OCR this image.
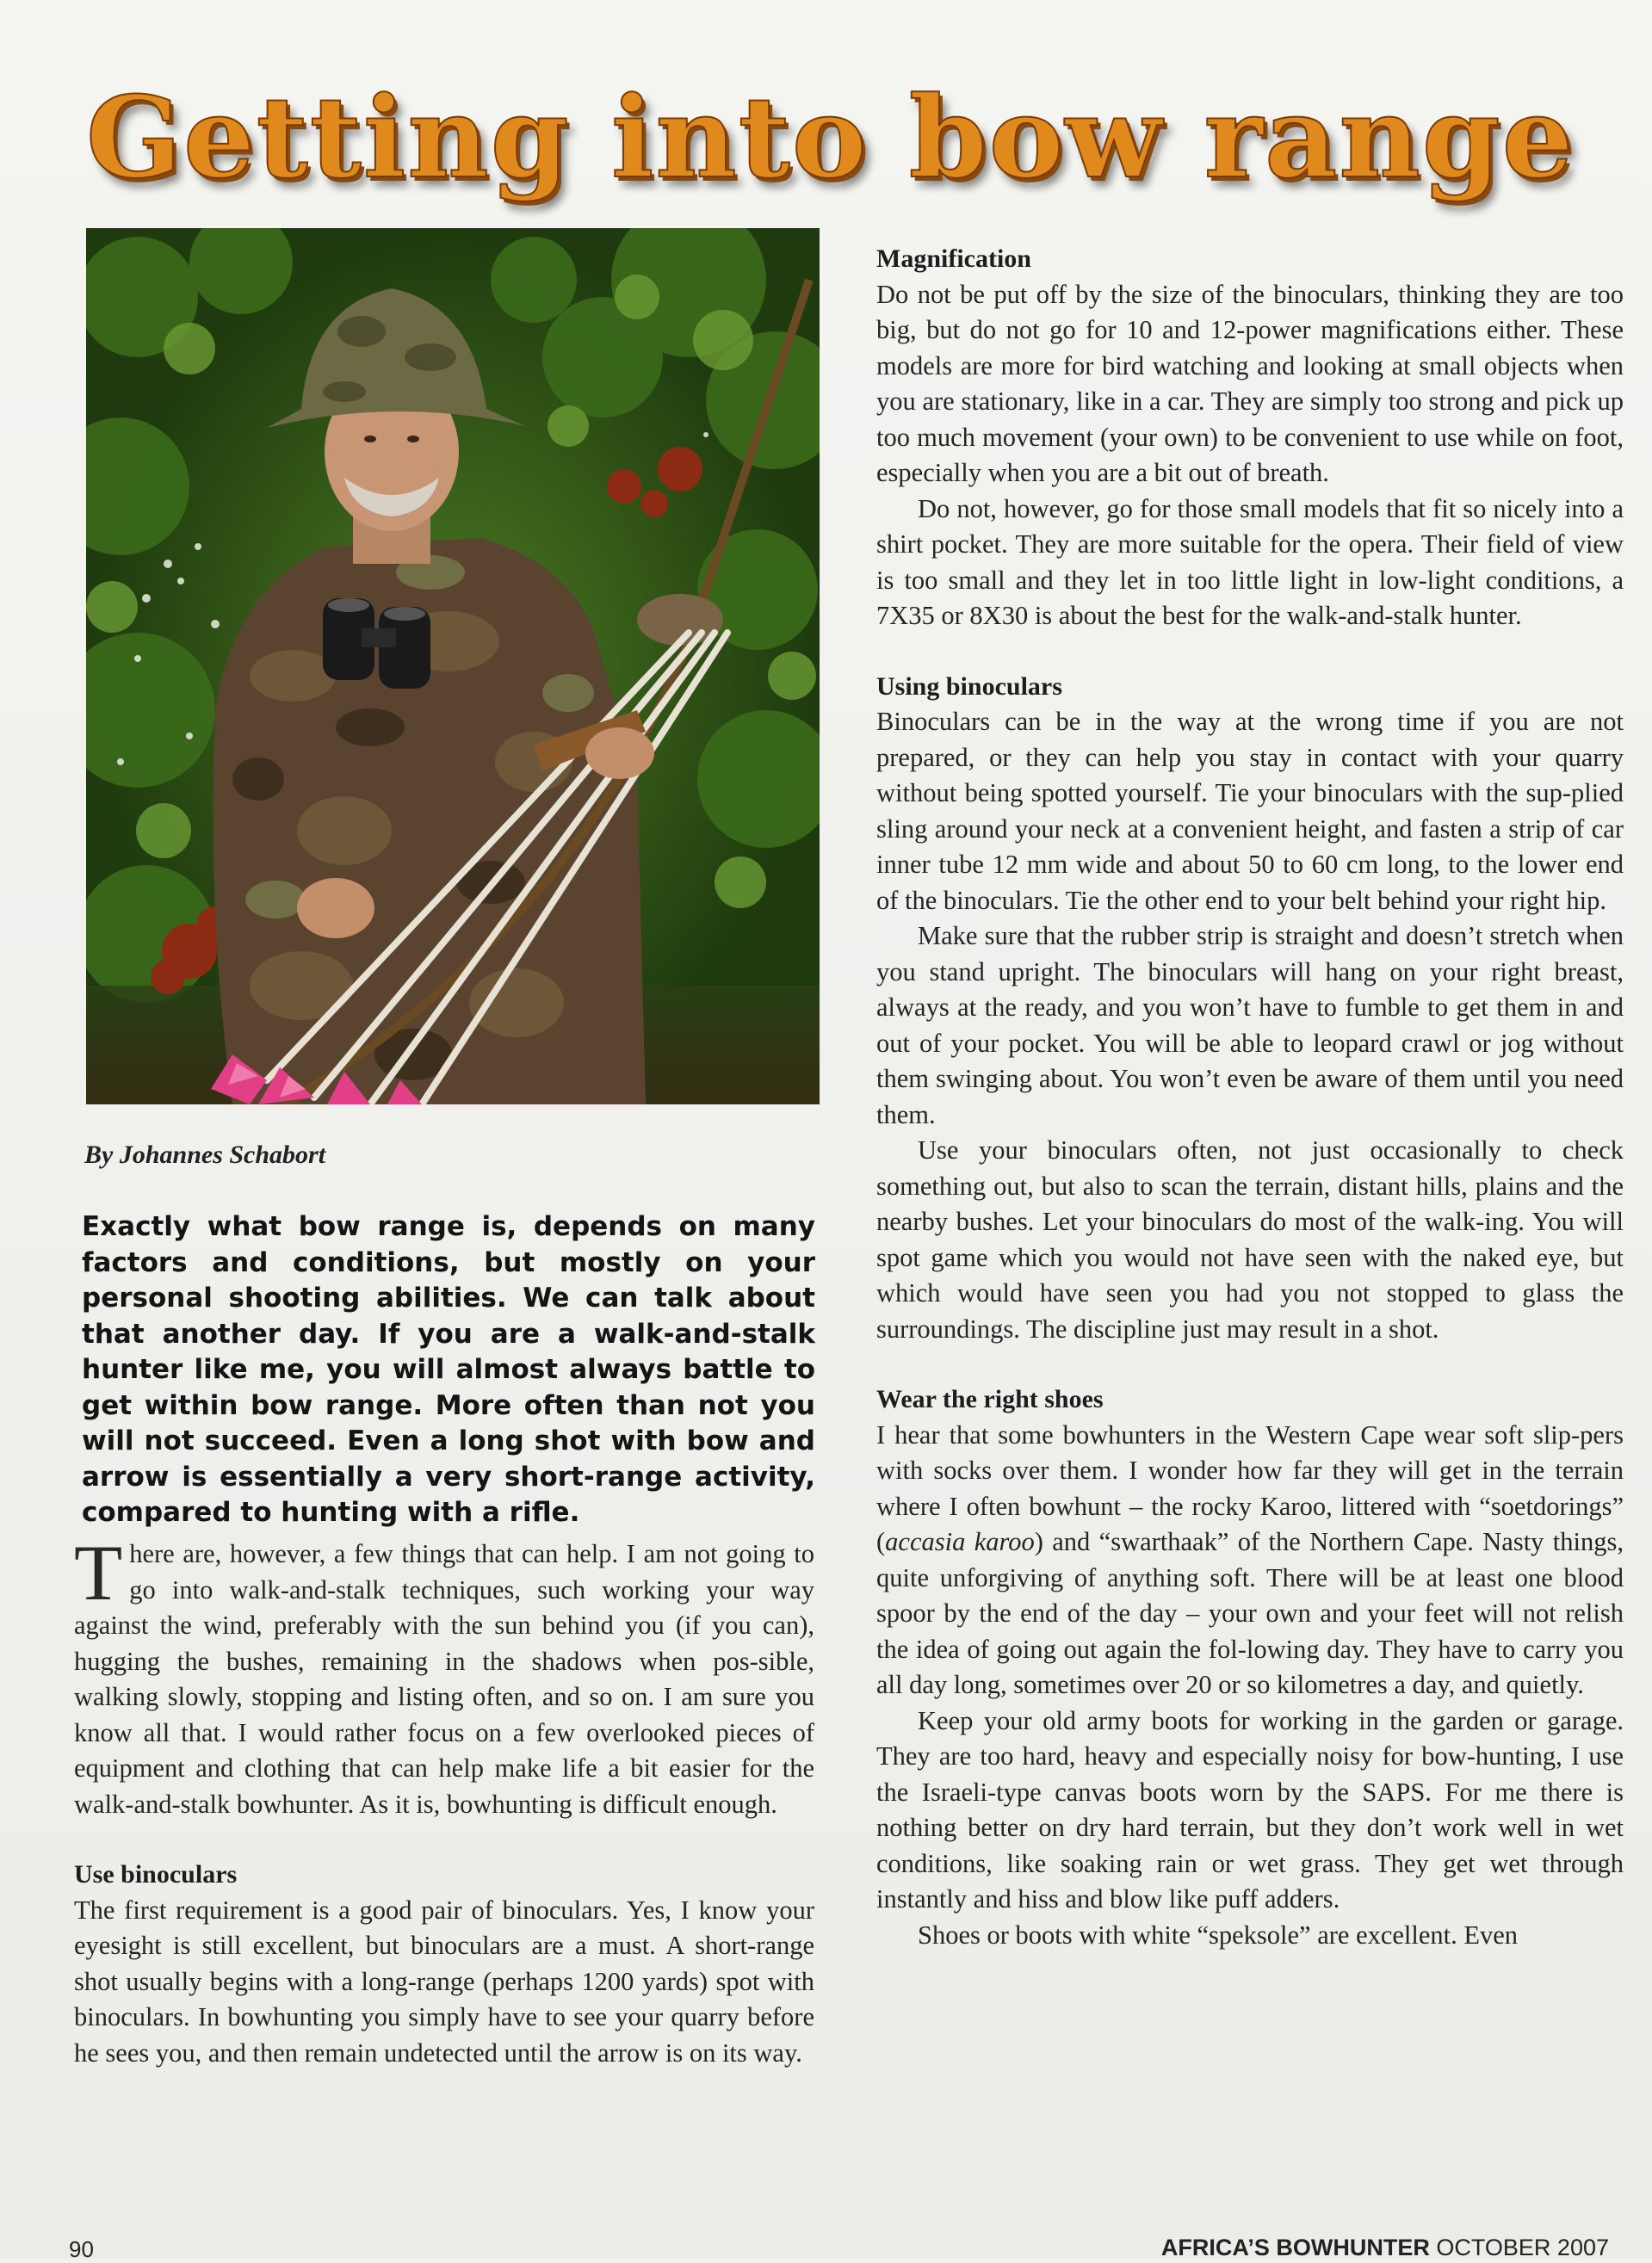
Getting into bow range
By Johannes Schabort
Exactly what bow range is, depends on many factors and conditions, but mostly on your personal shooting abilities. We can talk about that another day. If you are a walk-and-stalk hunter like me, you will almost always battle to get within bow range. More often than not you will not succeed. Even a long shot with bow and arrow is essentially a very short-range activity, compared to hunting with a rifle.

There are, however, a few things that can help. I am not going to go into walk-and-stalk techniques, such working your way against the wind, preferably with the sun behind you (if you can), hugging the bushes, remaining in the shadows when pos-sible, walking slowly, stopping and listing often, and so on. I am sure you know all that. I would rather focus on a few overlooked pieces of equipment and clothing that can help make life a bit easier for the walk-and-stalk bowhunter. As it is, bowhunting is difficult enough.

Use binoculars

The first requirement is a good pair of binoculars. Yes, I know your eyesight is still excellent, but binoculars are a must. A short-range shot usually begins with a long-range (perhaps 1200 yards) spot with binoculars. In bowhunting you simply have to see your quarry before he sees you, and then remain undetected until the arrow is on its way.

Magnification

Do not be put off by the size of the binoculars, thinking they are too big, but do not go for 10 and 12-power magnifications either. These models are more for bird watching and looking at small objects when you are stationary, like in a car. They are simply too strong and pick up too much movement (your own) to be convenient to use while on foot, especially when you are a bit out of breath.

Do not, however, go for those small models that fit so nicely into a shirt pocket. They are more suitable for the opera. Their field of view is too small and they let in too little light in low-light conditions, a 7X35 or 8X30 is about the best for the walk-and-stalk hunter.

Using binoculars

Binoculars can be in the way at the wrong time if you are not prepared, or they can help you stay in contact with your quarry without being spotted yourself. Tie your binoculars with the sup-plied sling around your neck at a convenient height, and fasten a strip of car inner tube 12 mm wide and about 50 to 60 cm long, to the lower end of the binoculars. Tie the other end to your belt behind your right hip.

Make sure that the rubber strip is straight and doesn’t stretch when you stand upright. The binoculars will hang on your right breast, always at the ready, and you won’t have to fumble to get them in and out of your pocket. You will be able to leopard crawl or jog without them swinging about. You won’t even be aware of them until you need them.

Use your binoculars often, not just occasionally to check something out, but also to scan the terrain, distant hills, plains and the nearby bushes. Let your binoculars do most of the walk-ing. You will spot game which you would not have seen with the naked eye, but which would have seen you had you not stopped to glass the surroundings. The discipline just may result in a shot.

Wear the right shoes

I hear that some bowhunters in the Western Cape wear soft slip-pers with socks over them. I wonder how far they will get in the terrain where I often bowhunt – the rocky Karoo, littered with “soetdorings” (accasia karoo) and “swarthaak” of the Northern Cape. Nasty things, quite unforgiving of anything soft. There will be at least one blood spoor by the end of the day – your own and your feet will not relish the idea of going out again the fol-lowing day. They have to carry you all day long, sometimes over 20 or so kilometres a day, and quietly.

Keep your old army boots for working in the garden or garage. They are too hard, heavy and especially noisy for bow-hunting, I use the Israeli-type canvas boots worn by the SAPS. For me there is nothing better on dry hard terrain, but they don’t work well in wet conditions, like soaking rain or wet grass. They get wet through instantly and hiss and blow like puff adders.

Shoes or boots with white “speksole” are excellent. Even

90	AFRICA’S BOWHUNTER OCTOBER 2007
